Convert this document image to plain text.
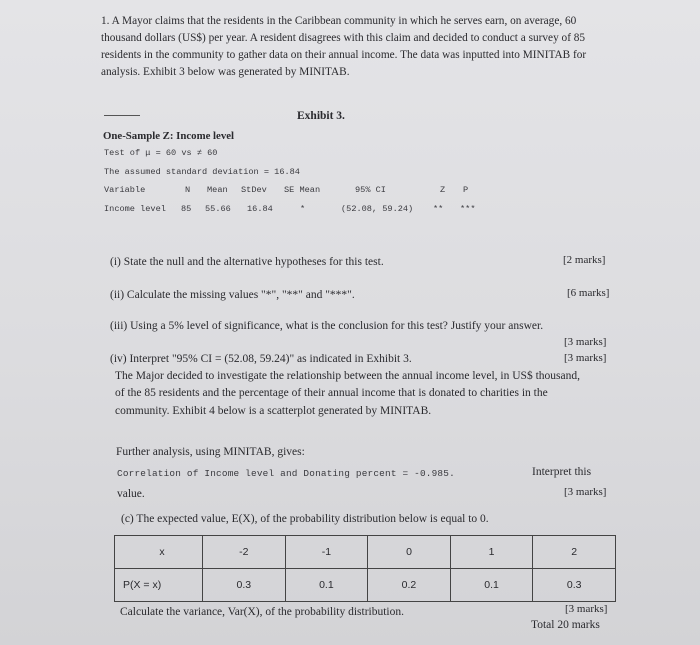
1. A Mayor claims that the residents in the Caribbean community in which he serves earn, on average, 60 thousand dollars (US$) per year. A resident disagrees with this claim and decided to conduct a survey of 85 residents in the community to gather data on their annual income. The data was inputted into MINITAB for analysis. Exhibit 3 below was generated by MINITAB.
Exhibit 3.
One-Sample Z: Income level
Test of μ = 60 vs ≠ 60
The assumed standard deviation = 16.84
Variable	N Mean StDev SE Mean	95% CI	Z P
Income level 85 55.66 16.84	*	(52.08, 59.24) ** ***
(i) State the null and the alternative hypotheses for this test.	[2 marks]
(ii) Calculate the missing values "*", "**" and "***".	[6 marks]
(iii) Using a 5% level of significance, what is the conclusion for this test? Justify your answer.
[3 marks]
(iv) Interpret "95% CI = (52.08, 59.24)" as indicated in Exhibit 3.	[3 marks]
The Major decided to investigate the relationship between the annual income level, in US$ thousand,
of the 85 residents and the percentage of their annual income that is donated to charities in the
community. Exhibit 4 below is a scatterplot generated by MINITAB.
Further analysis, using MINITAB, gives:
Correlation of Income level and Donating percent = -0.985.	Interpret this
value.	[3 marks]
(c) The expected value, E(X), of the probability distribution below is equal to 0.
x	-2	-1	0	1	2
P(X = x)	0.3	0.1	0.2	0.1	0.3
Calculate the variance, Var(X), of the probability distribution.	[3 marks]
Total 20 marks
